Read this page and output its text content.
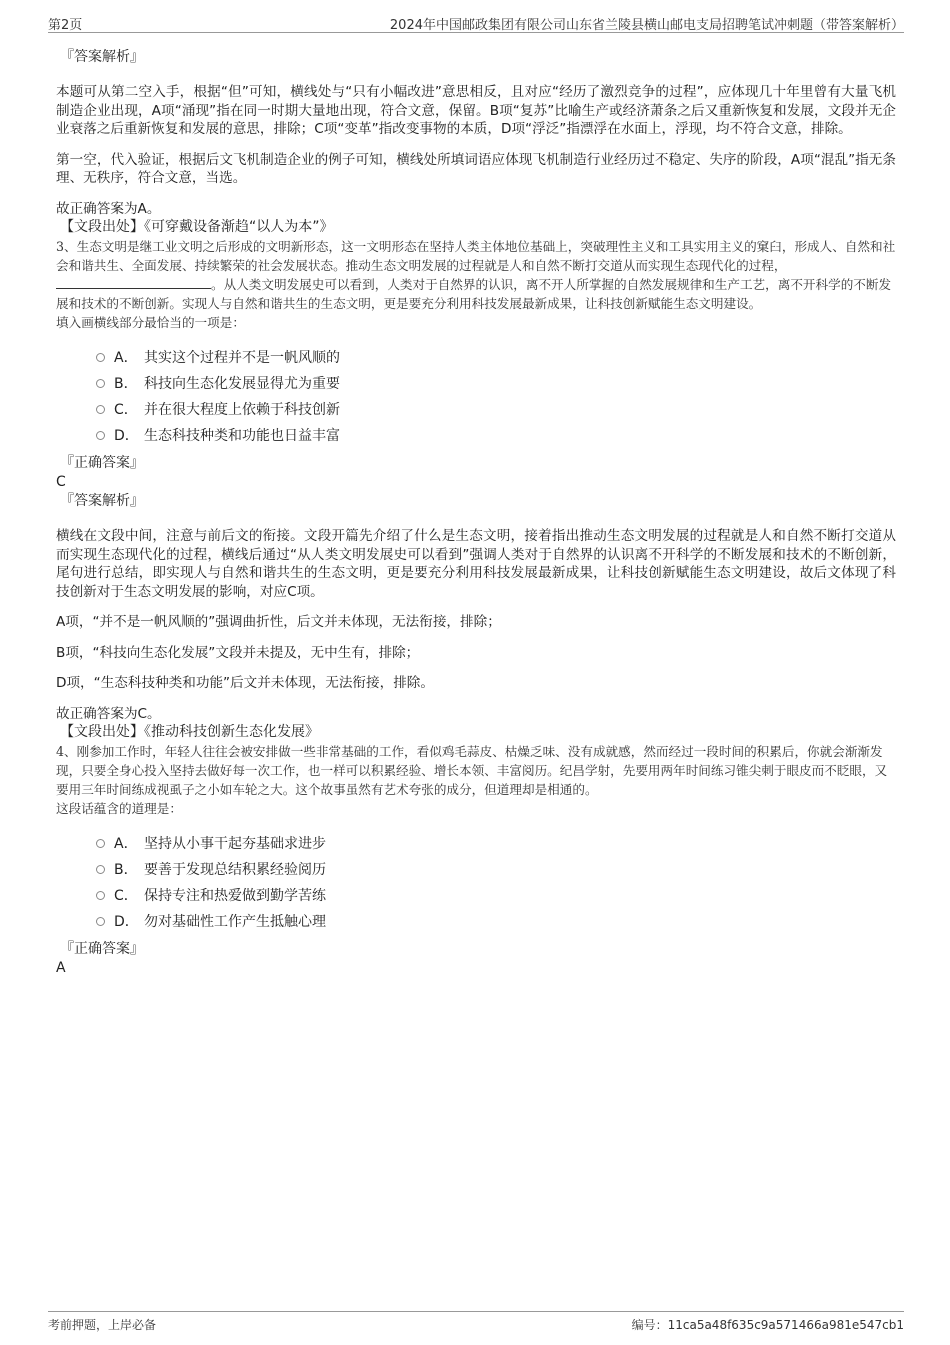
第2页	2024年中国邮政集团有限公司山东省兰陵县横山邮电支局招聘笔试冲刺题（带答案解析）

『答案解析』

本题可从第二空入手，根据“但”可知，横线处与“只有小幅改进”意思相反，且对应“经历了激烈竞争的过程”，应体现几十年里曾有大量飞机制造企业出现，A项“涌现”指在同一时期大量地出现，符合文意，保留。B项“复苏”比喻生产或经济萧条之后又重新恢复和发展，文段并无企业衰落之后重新恢复和发展的意思，排除；C项“变革”指改变事物的本质，D项“浮泛”指漂浮在水面上，浮现，均不符合文意，排除。

第一空，代入验证，根据后文飞机制造企业的例子可知，横线处所填词语应体现飞机制造行业经历过不稳定、失序的阶段，A项“混乱”指无条理、无秩序，符合文意，当选。

故正确答案为A。

【文段出处】《可穿戴设备渐趋“以人为本”》

3、生态文明是继工业文明之后形成的文明新形态，这一文明形态在坚持人类主体地位基础上，突破理性主义和工具实用主义的窠臼，形成人、自然和社会和谐共生、全面发展、持续繁荣的社会发展状态。推动生态文明发展的过程就是人和自然不断打交道从而实现生态现代化的过程，。从人类文明发展史可以看到，人类对于自然界的认识，离不开人所掌握的自然发展规律和生产工艺，离不开科学的不断发展和技术的不断创新。实现人与自然和谐共生的生态文明，更是要充分利用科技发展最新成果，让科技创新赋能生态文明建设。

填入画横线部分最恰当的一项是：

A． 其实这个过程并不是一帆风顺的
B． 科技向生态化发展显得尤为重要
C． 并在很大程度上依赖于科技创新
D． 生态科技种类和功能也日益丰富

『正确答案』

C

『答案解析』

横线在文段中间，注意与前后文的衔接。文段开篇先介绍了什么是生态文明，接着指出推动生态文明发展的过程就是人和自然不断打交道从而实现生态现代化的过程，横线后通过“从人类文明发展史可以看到”强调人类对于自然界的认识离不开科学的不断发展和技术的不断创新，尾句进行总结，即实现人与自然和谐共生的生态文明，更是要充分利用科技发展最新成果，让科技创新赋能生态文明建设，故后文体现了科技创新对于生态文明发展的影响，对应C项。

A项，“并不是一帆风顺的”强调曲折性，后文并未体现，无法衔接，排除；

B项，“科技向生态化发展”文段并未提及，无中生有，排除；

D项，“生态科技种类和功能”后文并未体现，无法衔接，排除。

故正确答案为C。

【文段出处】《推动科技创新生态化发展》

4、刚参加工作时，年轻人往往会被安排做一些非常基础的工作，看似鸡毛蒜皮、枯燥乏味、没有成就感，然而经过一段时间的积累后，你就会渐渐发现，只要全身心投入坚持去做好每一次工作，也一样可以积累经验、增长本领、丰富阅历。纪昌学射，先要用两年时间练习锥尖刺于眼皮而不眨眼，又要用三年时间练成视虱子之小如车轮之大。这个故事虽然有艺术夸张的成分，但道理却是相通的。

这段话蕴含的道理是：

A． 坚持从小事干起夯基础求进步
B． 要善于发现总结积累经验阅历
C． 保持专注和热爱做到勤学苦练
D． 勿对基础性工作产生抵触心理

『正确答案』

A

考前押题，上岸必备	编号：11ca5a48f635c9a571466a981e547cb1
